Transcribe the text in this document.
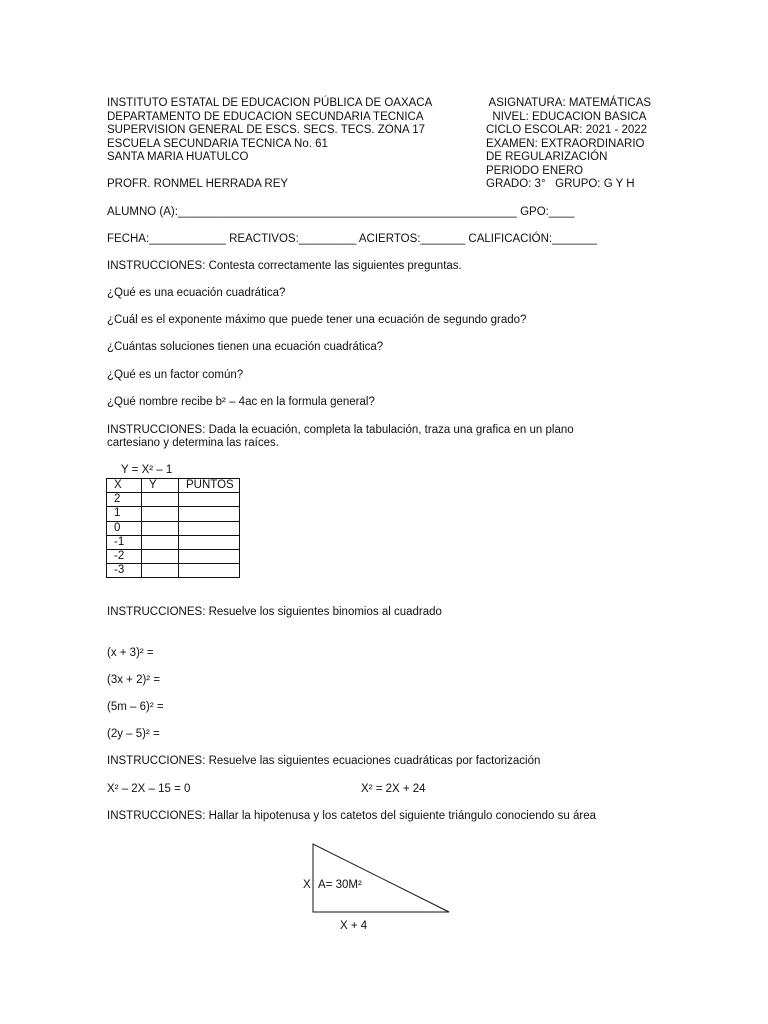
INSTITUTO ESTATAL DE EDUCACION PÚBLICA DE OAXACA
DEPARTAMENTO DE EDUCACION SECUNDARIA TECNICA
SUPERVISION GENERAL DE ESCS. SECS. TECS. ZONA 17
ESCUELA SECUNDARIA TECNICA No. 61
SANTA MARIA HUATULCO
PROFR. RONMEL HERRADA REY
ASIGNATURA: MATEMÁTICAS
NIVEL: EDUCACION BASICA
CICLO ESCOLAR: 2021 - 2022
EXAMEN: EXTRAORDINARIO
DE REGULARIZACIÓN
PERIODO ENERO
GRADO: 3°   GRUPO: G Y H
ALUMNO (A):_____________________________________________________ GPO:____
FECHA:____________ REACTIVOS:_________ ACIERTOS:_______ CALIFICACIÓN:_______
INSTRUCCIONES: Contesta correctamente las siguientes preguntas.
¿Qué es una ecuación cuadrática?
¿Cuál es el exponente máximo que puede tener una ecuación de segundo grado?
¿Cuántas soluciones tienen una ecuación cuadrática?
¿Qué es un factor común?
¿Qué nombre recibe b² – 4ac en la formula general?
INSTRUCCIONES: Dada la ecuación, completa la tabulación, traza una grafica en un plano
cartesiano y determina las raíces.
Y = X² – 1
X	Y	PUNTOS
2		
1		
0		
-1		
-2		
-3		
INSTRUCCIONES: Resuelve los siguientes binomios al cuadrado
(x + 3)² =
(3x + 2)² =
(5m – 6)² =
(2y – 5)² =
INSTRUCCIONES: Resuelve las siguientes ecuaciones cuadráticas por factorización
X² – 2X – 15 = 0	X² = 2X + 24
INSTRUCCIONES: Hallar la hipotenusa y los catetos del siguiente triángulo conociendo su área
X A= 30M²
X + 4
